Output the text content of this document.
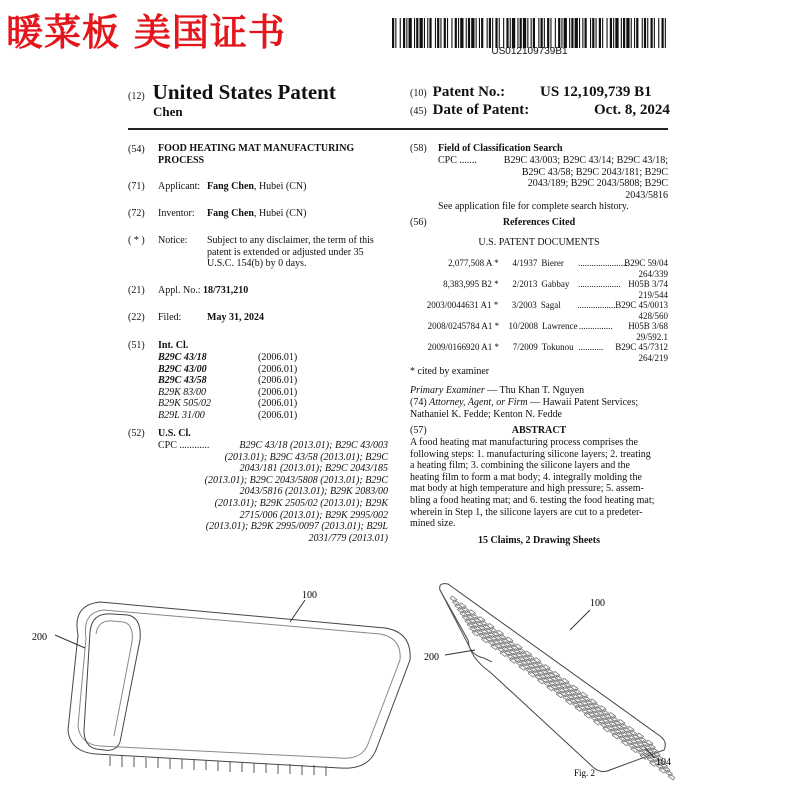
暖菜板 美国证书	US012109739B1
(12) United States Patent
Chen
(10) Patent No.: US 12,109,739 B1
(45) Date of Patent:	Oct. 8, 2024
(54) FOOD HEATING MAT MANUFACTURING
PROCESS
(71) Applicant: Fang Chen, Hubei (CN)
(72) Inventor: Fang Chen, Hubei (CN)
( * ) Notice: Subject to any disclaimer, the term of this
patent is extended or adjusted under 35
U.S.C. 154(b) by 0 days.
(21) Appl. No.: 18/731,210
(22) Filed:	May 31, 2024
(51) Int. Cl.
B29C 43/18	(2006.01)
B29C 43/00	(2006.01)
B29C 43/58	(2006.01)
B29K 83/00	(2006.01)
B29K 505/02	(2006.01)
B29L 31/00	(2006.01)
(52) U.S. Cl.
CPC ............	B29C 43/18 (2013.01); B29C 43/003
(2013.01); B29C 43/58 (2013.01); B29C
2043/181 (2013.01); B29C 2043/185
(2013.01); B29C 2043/5808 (2013.01); B29C
2043/5816 (2013.01); B29K 2083/00
(2013.01); B29K 2505/02 (2013.01); B29K
2715/006 (2013.01); B29K 2995/002
(2013.01); B29K 2995/0097 (2013.01); B29L
2031/779 (2013.01)
(58) Field of Classification Search
CPC .......	B29C 43/003; B29C 43/14; B29C 43/18;
B29C 43/58; B29C 2043/181; B29C
2043/189; B29C 2043/5808; B29C
2043/5816
See application file for complete search history.
(56)	References Cited
U.S. PATENT DOCUMENTS
2,077,508 A *	4/1937 Bierer	......................
B29C 59/04
264/339
8,383,995 B2 *	2/2013 Gabbay ................... H05B 3/74
219/544
2003/0044631 A1 *	3/2003 Sagal	................. B29C 45/0013
428/560
2008/0245784 A1 *	10/2008 Lawrence ...............	H05B 3/68
29/592.1
2009/0166920 A1 *	7/2009 Tokunou ...........	B29C 45/7312
264/219
* cited by examiner
Primary Examiner — Thu Khan T. Nguyen
(74) Attorney, Agent, or Firm — Hawaii Patent Services;
Nathaniel K. Fedde; Kenton N. Fedde
(57)	ABSTRACT
A food heating mat manufacturing process comprises the
following steps: 1. manufacturing silicone layers; 2. treating
a heating film; 3. combining the silicone layers and the
heating film to form a mat body; 4. integrally molding the
mat body at high temperature and high pressure; 5. assem-
bling a food heating mat; and 6. testing the food heating mat;
wherein in Step 1, the silicone layers are cut to a predeter-
mined size.
15 Claims, 2 Drawing Sheets
200
100
100
200
104
Fig. 2
